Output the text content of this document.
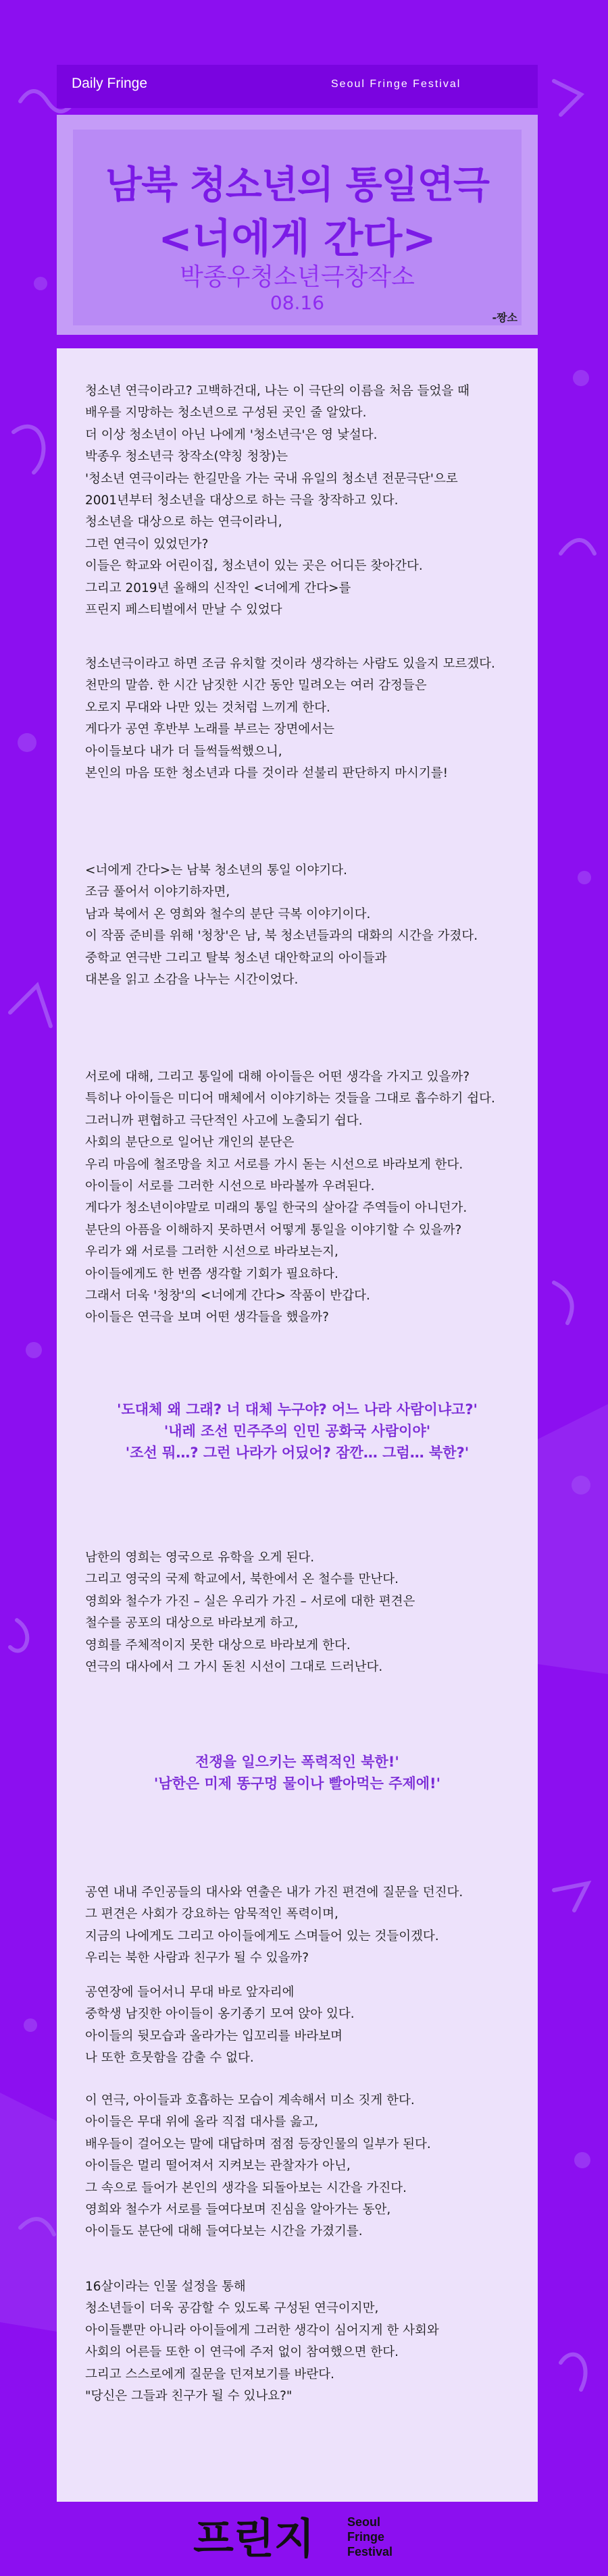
Daily Fringe	Seoul Fringe Festival
남북 청소년의 통일연극
<너에게 간다>
박종우청소년극창작소
08.16
-짱소

청소년 연극이라고? 고백하건대, 나는 이 극단의 이름을 처음 들었을 때
배우를 지망하는 청소년으로 구성된 곳인 줄 알았다.
더 이상 청소년이 아닌 나에게 '청소년극'은 영 낯설다.
박종우 청소년극 창작소(약칭 청창)는
'청소년 연극이라는 한길만을 가는 국내 유일의 청소년 전문극단'으로
2001년부터 청소년을 대상으로 하는 극을 창작하고 있다.
청소년을 대상으로 하는 연극이라니,
그런 연극이 있었던가?
이들은 학교와 어린이집, 청소년이 있는 곳은 어디든 찾아간다.
그리고 2019년 올해의 신작인 <너에게 간다>를
프린지 페스티벌에서 만날 수 있었다

청소년극이라고 하면 조금 유치할 것이라 생각하는 사람도 있을지 모르겠다.
천만의 말씀. 한 시간 남짓한 시간 동안 밀려오는 여러 감정들은
오로지 무대와 나만 있는 것처럼 느끼게 한다.
게다가 공연 후반부 노래를 부르는 장면에서는
아이들보다 내가 더 들썩들썩했으니,
본인의 마음 또한 청소년과 다를 것이라 섣불리 판단하지 마시기를!

<너에게 간다>는 남북 청소년의 통일 이야기다.
조금 풀어서 이야기하자면,
남과 북에서 온 영희와 철수의 분단 극복 이야기이다.
이 작품 준비를 위해 '청창'은 남, 북 청소년들과의 대화의 시간을 가졌다.
중학교 연극반 그리고 탈북 청소년 대안학교의 아이들과
대본을 읽고 소감을 나누는 시간이었다.

서로에 대해, 그리고 통일에 대해 아이들은 어떤 생각을 가지고 있을까?
특히나 아이들은 미디어 매체에서 이야기하는 것들을 그대로 흡수하기 쉽다.
그러니까 편협하고 극단적인 사고에 노출되기 쉽다.
사회의 분단으로 일어난 개인의 분단은
우리 마음에 철조망을 치고 서로를 가시 돋는 시선으로 바라보게 한다.
아이들이 서로를 그러한 시선으로 바라볼까 우려된다.
게다가 청소년이야말로 미래의 통일 한국의 살아갈 주역들이 아니던가.
분단의 아픔을 이해하지 못하면서 어떻게 통일을 이야기할 수 있을까?
우리가 왜 서로를 그러한 시선으로 바라보는지,
아이들에게도 한 번쯤 생각할 기회가 필요하다.
그래서 더욱 '청창'의 <너에게 간다> 작품이 반갑다.
아이들은 연극을 보며 어떤 생각들을 했을까?

'도대체 왜 그래? 너 대체 누구야? 어느 나라 사람이냐고?'
'내레 조선 민주주의 인민 공화국 사람이야'
'조선 뭐…? 그런 나라가 어딨어? 잠깐… 그럼… 북한?'

남한의 영희는 영국으로 유학을 오게 된다.
그리고 영국의 국제 학교에서, 북한에서 온 철수를 만난다.
영희와 철수가 가진 – 실은 우리가 가진 – 서로에 대한 편견은
철수를 공포의 대상으로 바라보게 하고,
영희를 주체적이지 못한 대상으로 바라보게 한다.
연극의 대사에서 그 가시 돋친 시선이 그대로 드러난다.

전쟁을 일으키는 폭력적인 북한!'
'남한은 미제 똥구멍 물이나 빨아먹는 주제에!'

공연 내내 주인공들의 대사와 연출은 내가 가진 편견에 질문을 던진다.
그 편견은 사회가 강요하는 암묵적인 폭력이며,
지금의 나에게도 그리고 아이들에게도 스며들어 있는 것들이겠다.
우리는 북한 사람과 친구가 될 수 있을까?

공연장에 들어서니 무대 바로 앞자리에
중학생 남짓한 아이들이 옹기종기 모여 앉아 있다.
아이들의 뒷모습과 올라가는 입꼬리를 바라보며
나 또한 흐뭇함을 감출 수 없다.

이 연극, 아이들과 호흡하는 모습이 계속해서 미소 짓게 한다.
아이들은 무대 위에 올라 직접 대사를 읊고,
배우들이 걸어오는 말에 대답하며 점점 등장인물의 일부가 된다.
아이들은 멀리 떨어져서 지켜보는 관찰자가 아닌,
그 속으로 들어가 본인의 생각을 되돌아보는 시간을 가진다.
영희와 철수가 서로를 들여다보며 진심을 알아가는 동안,
아이들도 분단에 대해 들여다보는 시간을 가졌기를.

16살이라는 인물 설정을 통해
청소년들이 더욱 공감할 수 있도록 구성된 연극이지만,
아이들뿐만 아니라 아이들에게 그러한 생각이 심어지게 한 사회와
사회의 어른들 또한 이 연극에 주저 없이 참여했으면 한다.
그리고 스스로에게 질문을 던져보기를 바란다.
"당신은 그들과 친구가 될 수 있나요?"

프린지	Seoul
Fringe
Festival
